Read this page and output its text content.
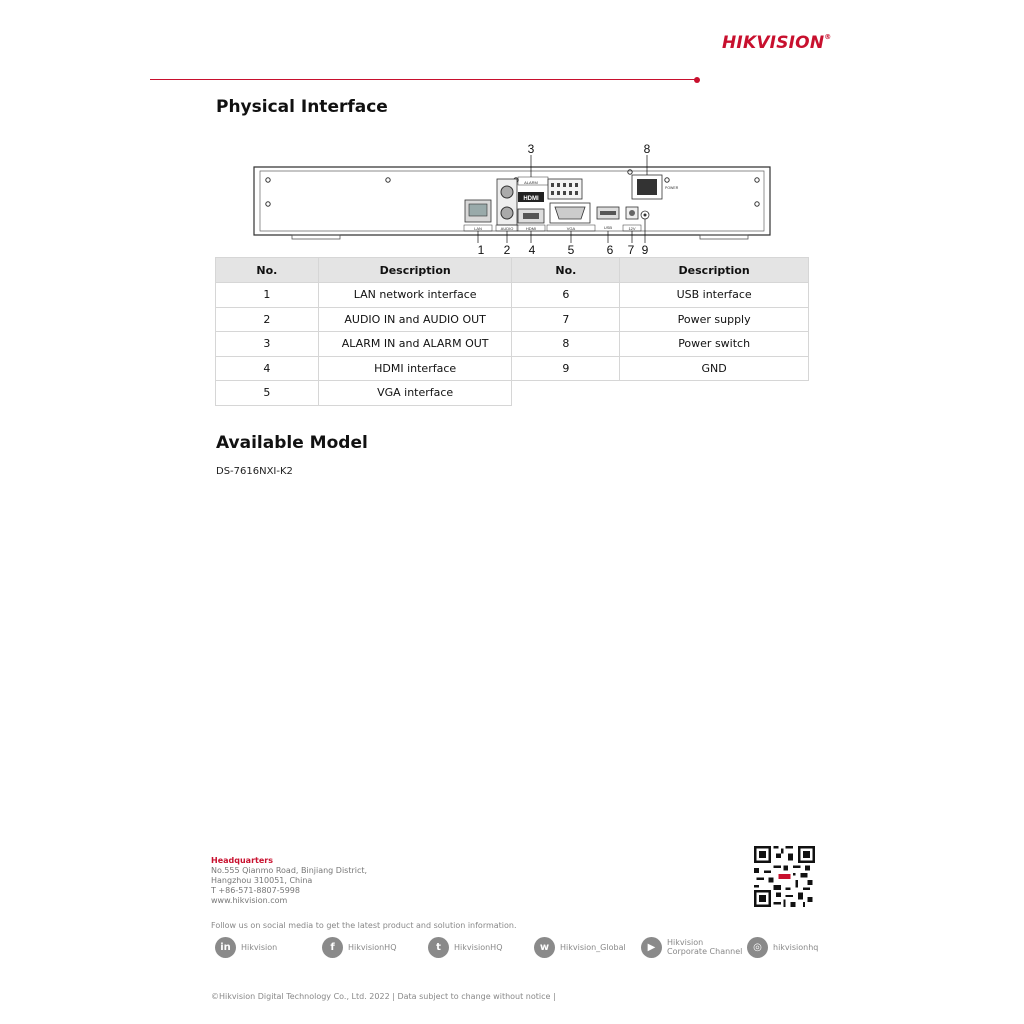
HIKVISION®
Physical Interface
LAN	AUDIO
ALARM
HDMI
HDMI	VGA	USB	12V
POWER
1 2
3
4	5	6 7
8
9
No.	Description	No.	Description
1	LAN network interface	6	USB interface
2	AUDIO IN and AUDIO OUT	7	Power supply
3	ALARM IN and ALARM OUT	8	Power switch
4	HDMI interface	9	GND
5	VGA interface		
Available Model
DS-7616NXI-K2
Headquarters
No.555 Qianmo Road, Binjiang District,
Hangzhou 310051, China
T +86-571-8807-5998
www.hikvision.com
Follow us on social media to get the latest product and solution information.
in	Hikvision	f	HikvisionHQ	t	HikvisionHQ	w	Hikvision_Global	▶	Hikvision
Corporate Channel	◎	hikvisionhq
©Hikvision Digital Technology Co., Ltd. 2022 | Data subject to change without notice |
